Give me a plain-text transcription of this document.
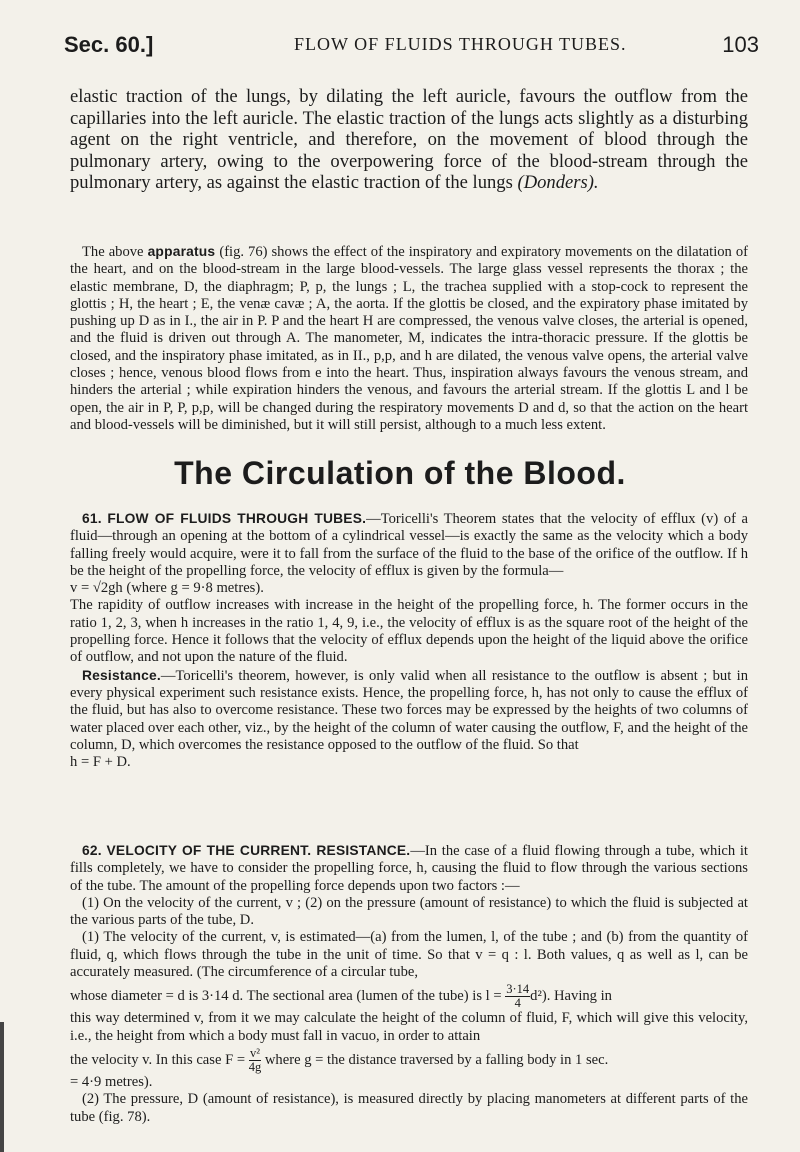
Sec. 60.]	FLOW OF FLUIDS THROUGH TUBES.	103

elastic traction of the lungs, by dilating the left auricle, favours the outflow from the capillaries into the left auricle. The elastic traction of the lungs acts slightly as a disturbing agent on the right ventricle, and therefore, on the movement of blood through the pulmonary artery, owing to the overpowering force of the blood-stream through the pulmonary artery, as against the elastic traction of the lungs (Donders).

The above apparatus (fig. 76) shows the effect of the inspiratory and expiratory movements on the dilatation of the heart, and on the blood-stream in the large blood-vessels. The large glass vessel represents the thorax ; the elastic membrane, D, the diaphragm; P, p, the lungs ; L, the trachea supplied with a stop-cock to represent the glottis ; H, the heart ; E, the venæ cavæ ; A, the aorta. If the glottis be closed, and the expiratory phase imitated by pushing up D as in I., the air in P. P and the heart H are compressed, the venous valve closes, the arterial is opened, and the fluid is driven out through A. The manometer, M, indicates the intra-thoracic pressure. If the glottis be closed, and the inspiratory phase imitated, as in II., p,p, and h are dilated, the venous valve opens, the arterial valve closes ; hence, venous blood flows from e into the heart. Thus, inspiration always favours the venous stream, and hinders the arterial ; while expiration hinders the venous, and favours the arterial stream. If the glottis L and l be open, the air in P, P, p,p, will be changed during the respiratory movements D and d, so that the action on the heart and blood-vessels will be diminished, but it will still persist, although to a much less extent.

The Circulation of the Blood.

61. FLOW OF FLUIDS THROUGH TUBES.—Toricelli's Theorem states that the velocity of efflux (v) of a fluid—through an opening at the bottom of a cylindrical vessel—is exactly the same as the velocity which a body falling freely would acquire, were it to fall from the surface of the fluid to the base of the orifice of the outflow. If h be the height of the propelling force, the velocity of efflux is given by the formula—

v = √2gh (where g = 9·8 metres).

The rapidity of outflow increases with increase in the height of the propelling force, h. The former occurs in the ratio 1, 2, 3, when h increases in the ratio 1, 4, 9, i.e., the velocity of efflux is as the square root of the height of the propelling force. Hence it follows that the velocity of efflux depends upon the height of the liquid above the orifice of outflow, and not upon the nature of the fluid.

Resistance.—Toricelli's theorem, however, is only valid when all resistance to the outflow is absent ; but in every physical experiment such resistance exists. Hence, the propelling force, h, has not only to cause the efflux of the fluid, but has also to overcome resistance. These two forces may be expressed by the heights of two columns of water placed over each other, viz., by the height of the column of water causing the outflow, F, and the height of the column, D, which overcomes the resistance opposed to the outflow of the fluid. So that

h = F + D.

62. VELOCITY OF THE CURRENT. RESISTANCE.—In the case of a fluid flowing through a tube, which it fills completely, we have to consider the propelling force, h, causing the fluid to flow through the various sections of the tube. The amount of the propelling force depends upon two factors :—

(1) On the velocity of the current, v ; (2) on the pressure (amount of resistance) to which the fluid is subjected at the various parts of the tube, D.

(1) The velocity of the current, v, is estimated—(a) from the lumen, l, of the tube ; and (b) from the quantity of fluid, q, which flows through the tube in the unit of time. So that v = q : l. Both values, q as well as l, can be accurately measured. (The circumference of a circular tube,

whose diameter = d is 3·14 d. The sectional area (lumen of the tube) is $l = \frac{3\cdot 14}{4} d^2$). Having in

this way determined v, from it we may calculate the height of the column of fluid, F, which will give this velocity, i.e., the height from which a body must fall in vacuo, in order to attain

the velocity v. In this case $F = \frac{\text{v²}}{4g}$ where g = the distance traversed by a falling body in 1 sec.

= 4·9 metres).

(2) The pressure, D (amount of resistance), is measured directly by placing manometers at different parts of the tube (fig. 78).
